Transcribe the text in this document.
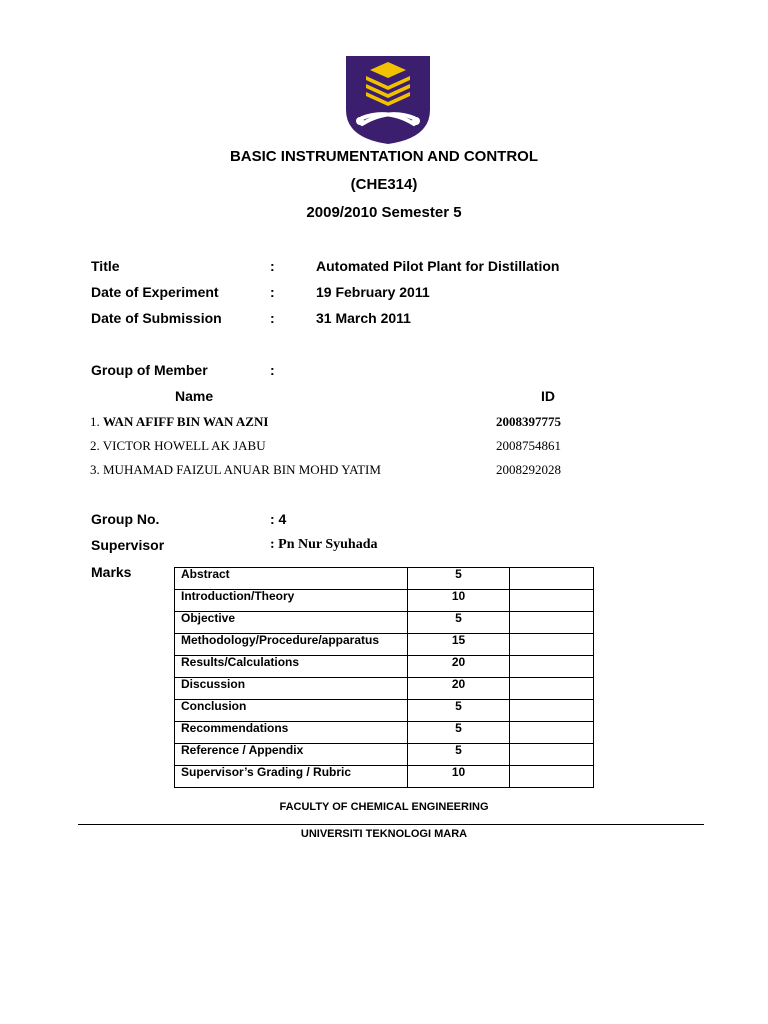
BASIC INSTRUMENTATION AND CONTROL
(CHE314)
2009/2010 Semester 5
Title	:	Automated Pilot Plant for Distillation
Date of Experiment	:	19 February 2011
Date of Submission	:	31 March 2011
Group of Member	:
Name	ID
1. WAN AFIFF BIN WAN AZNI	2008397775
2. VICTOR HOWELL AK JABU	2008754861
3. MUHAMAD FAIZUL ANUAR BIN MOHD YATIM	2008292028
Group No.	: 4
Supervisor	: Pn Nur Syuhada
Marks	Abstract	5	
Introduction/Theory	10	
Objective	5	
Methodology/Procedure/apparatus	15	
Results/Calculations	20	
Discussion	20	
Conclusion	5	
Recommendations	5	
Reference / Appendix	5	
Supervisor’s Grading / Rubric	10	
FACULTY OF CHEMICAL ENGINEERING
UNIVERSITI TEKNOLOGI MARA
